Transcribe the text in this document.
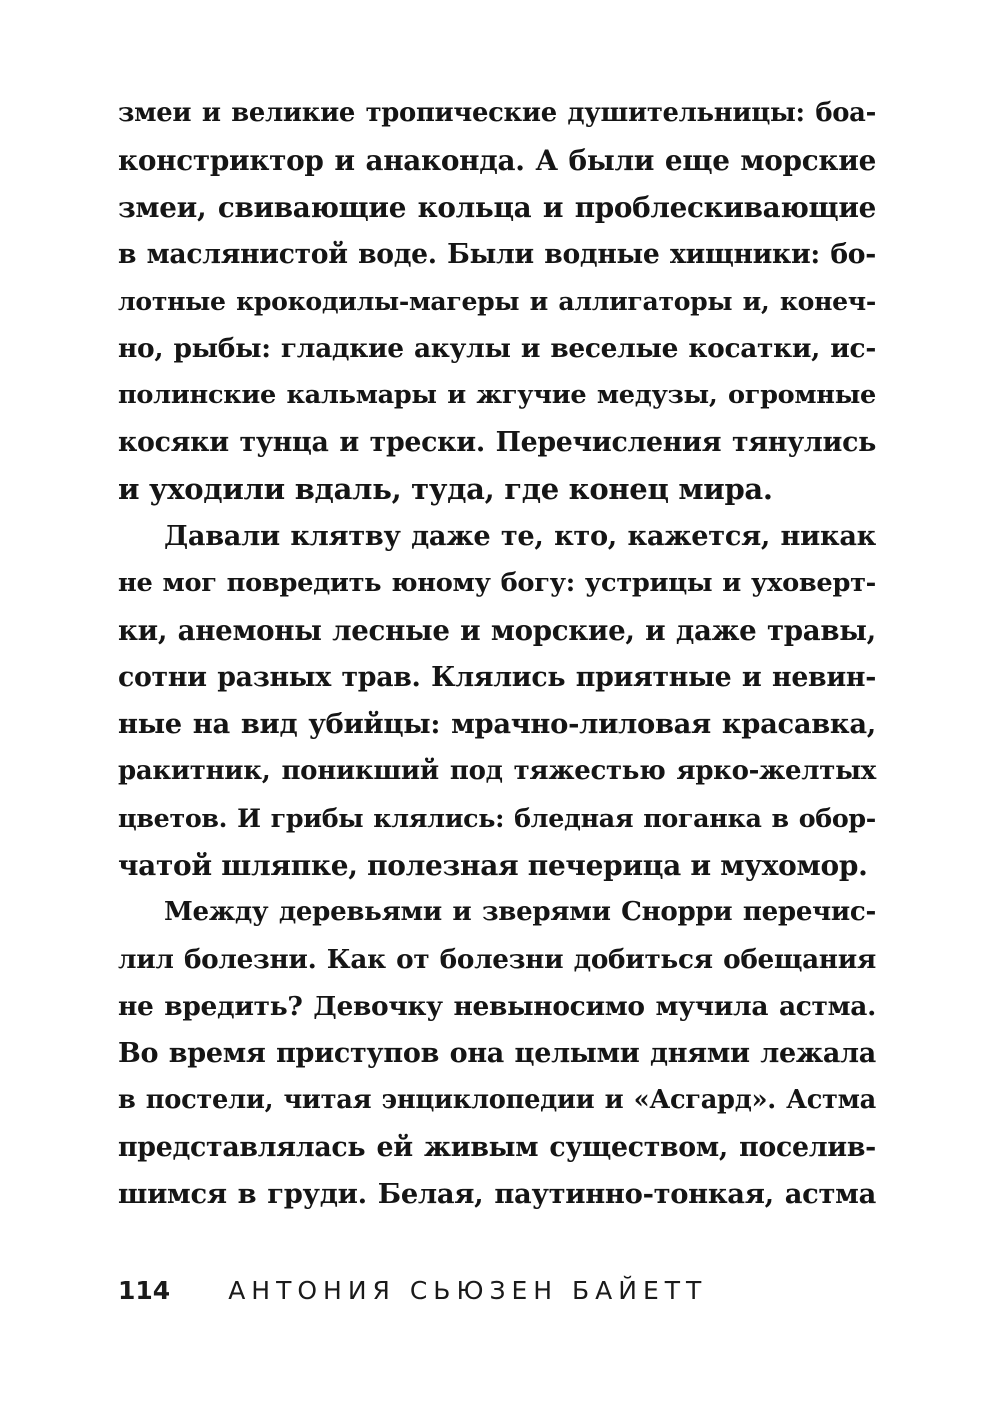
змеи и великие тропические душительницы: боа-
констриктор и анаконда. А были еще морские
змеи, свивающие кольца и проблескивающие
в маслянистой воде. Были водные хищники: бо-
лотные крокодилы-магеры и аллигаторы и, конеч-
но, рыбы: гладкие акулы и веселые косатки, ис-
полинские кальмары и жгучие медузы, огромные
косяки тунца и трески. Перечисления тянулись
и уходили вдаль, туда, где конец мира.
Давали клятву даже те, кто, кажется, никак
не мог повредить юному богу: устрицы и уховерт-
ки, анемоны лесные и морские, и даже травы,
сотни разных трав. Клялись приятные и невин-
ные на вид убийцы: мрачно-лиловая красавка,
ракитник, поникший под тяжестью ярко-желтых
цветов. И грибы клялись: бледная поганка в обор-
чатой шляпке, полезная печерица и мухомор.
Между деревьями и зверями Снорри перечис-
лил болезни. Как от болезни добиться обещания
не вредить? Девочку невыносимо мучила астма.
Во время приступов она целыми днями лежала
в постели, читая энциклопедии и «Асгард». Астма
представлялась ей живым существом, поселив-
шимся в груди. Белая, паутинно-тонкая, астма
114 АНТОНИЯ СЬЮЗЕН БАЙЕТТ
